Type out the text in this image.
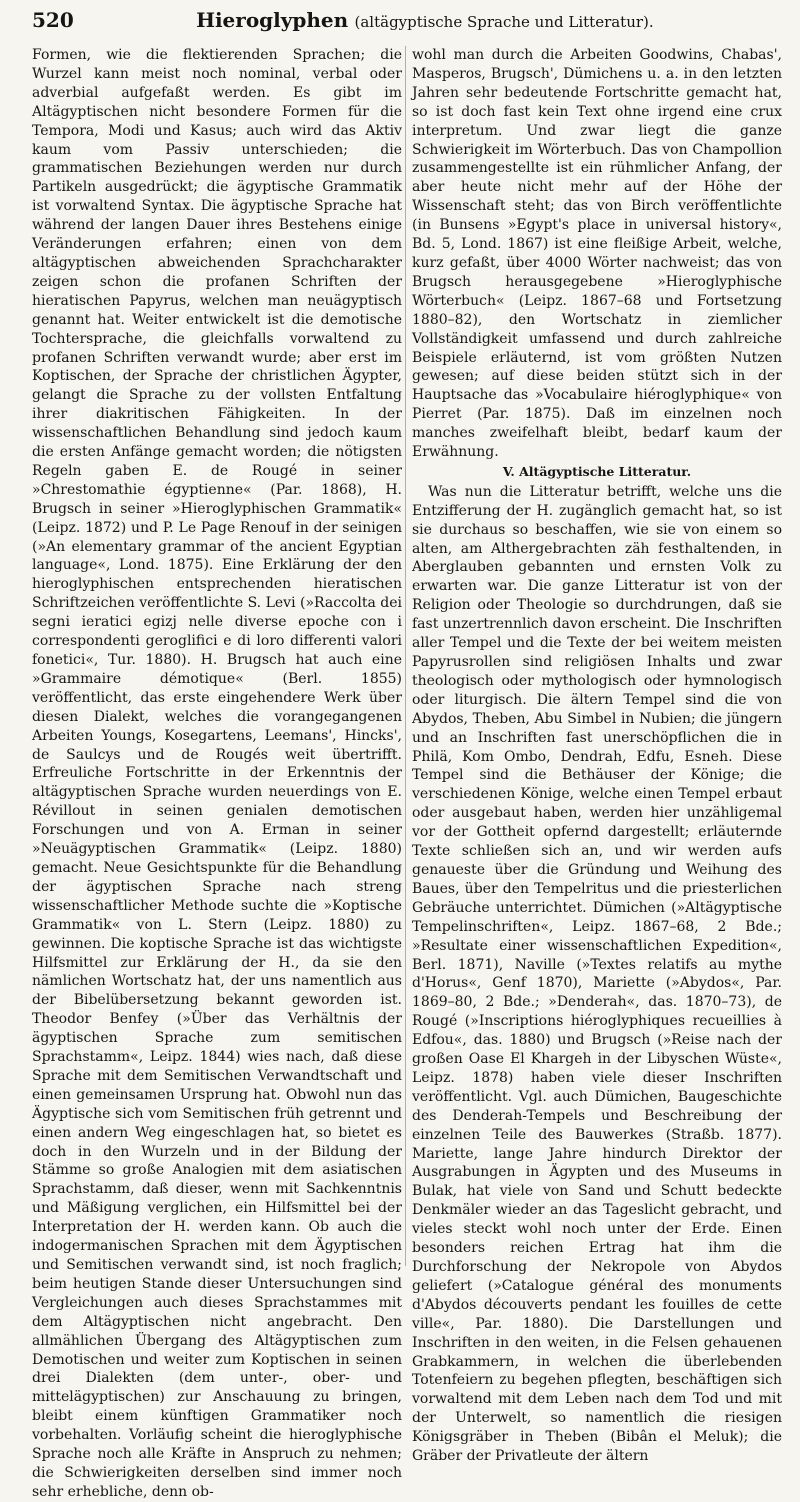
520	Hieroglyphen (altägyptische Sprache und Litteratur).

Formen, wie die flektierenden Sprachen; die Wurzel kann meist noch nominal, verbal oder adverbial aufgefaßt werden. Es gibt im Altägyptischen nicht besondere Formen für die Tempora, Modi und Kasus; auch wird das Aktiv kaum vom Passiv unterschieden; die grammatischen Beziehungen werden nur durch Partikeln ausgedrückt; die ägyptische Grammatik ist vorwaltend Syntax. Die ägyptische Sprache hat während der langen Dauer ihres Bestehens einige Veränderungen erfahren; einen von dem altägyptischen abweichenden Sprachcharakter zeigen schon die profanen Schriften der hieratischen Papyrus, welchen man neuägyptisch genannt hat. Weiter entwickelt ist die demotische Tochtersprache, die gleichfalls vorwaltend zu profanen Schriften verwandt wurde; aber erst im Koptischen, der Sprache der christlichen Ägypter, gelangt die Sprache zu der vollsten Entfaltung ihrer diakritischen Fähigkeiten. In der wissenschaftlichen Behandlung sind jedoch kaum die ersten Anfänge gemacht worden; die nötigsten Regeln gaben E. de Rougé in seiner »Chrestomathie égyptienne« (Par. 1868), H. Brugsch in seiner »Hieroglyphischen Grammatik« (Leipz. 1872) und P. Le Page Renouf in der seinigen (»An elementary grammar of the ancient Egyptian language«, Lond. 1875). Eine Erklärung der den hieroglyphischen entsprechenden hieratischen Schriftzeichen veröffentlichte S. Levi (»Raccolta dei segni ieratici egizj nelle diverse epoche con i correspondenti geroglifici e di loro differenti valori fonetici«, Tur. 1880). H. Brugsch hat auch eine »Grammaire démotique« (Berl. 1855) veröffentlicht, das erste eingehendere Werk über diesen Dialekt, welches die vorangegangenen Arbeiten Youngs, Kosegartens, Leemans', Hincks', de Saulcys und de Rougés weit übertrifft. Erfreuliche Fortschritte in der Erkenntnis der altägyptischen Sprache wurden neuerdings von E. Révillout in seinen genialen demotischen Forschungen und von A. Erman in seiner »Neuägyptischen Grammatik« (Leipz. 1880) gemacht. Neue Gesichtspunkte für die Behandlung der ägyptischen Sprache nach streng wissenschaftlicher Methode suchte die »Koptische Grammatik« von L. Stern (Leipz. 1880) zu gewinnen. Die koptische Sprache ist das wichtigste Hilfsmittel zur Erklärung der H., da sie den nämlichen Wortschatz hat, der uns namentlich aus der Bibelübersetzung bekannt geworden ist. Theodor Benfey (»Über das Verhältnis der ägyptischen Sprache zum semitischen Sprachstamm«, Leipz. 1844) wies nach, daß diese Sprache mit dem Semitischen Verwandtschaft und einen gemeinsamen Ursprung hat. Obwohl nun das Ägyptische sich vom Semitischen früh getrennt und einen andern Weg eingeschlagen hat, so bietet es doch in den Wurzeln und in der Bildung der Stämme so große Analogien mit dem asiatischen Sprachstamm, daß dieser, wenn mit Sachkenntnis und Mäßigung verglichen, ein Hilfsmittel bei der Interpretation der H. werden kann. Ob auch die indogermanischen Sprachen mit dem Ägyptischen und Semitischen verwandt sind, ist noch fraglich; beim heutigen Stande dieser Untersuchungen sind Vergleichungen auch dieses Sprachstammes mit dem Altägyptischen nicht angebracht. Den allmählichen Übergang des Altägyptischen zum Demotischen und weiter zum Koptischen in seinen drei Dialekten (dem unter-, ober- und mittelägyptischen) zur Anschauung zu bringen, bleibt einem künftigen Grammatiker noch vorbehalten. Vorläufig scheint die hieroglyphische Sprache noch alle Kräfte in Anspruch zu nehmen; die Schwierigkeiten derselben sind immer noch sehr erhebliche, denn ob-

wohl man durch die Arbeiten Goodwins, Chabas', Masperos, Brugsch', Dümichens u. a. in den letzten Jahren sehr bedeutende Fortschritte gemacht hat, so ist doch fast kein Text ohne irgend eine crux interpretum. Und zwar liegt die ganze Schwierigkeit im Wörterbuch. Das von Champollion zusammengestellte ist ein rühmlicher Anfang, der aber heute nicht mehr auf der Höhe der Wissenschaft steht; das von Birch veröffentlichte (in Bunsens »Egypt's place in universal history«, Bd. 5, Lond. 1867) ist eine fleißige Arbeit, welche, kurz gefaßt, über 4000 Wörter nachweist; das von Brugsch herausgegebene »Hieroglyphische Wörterbuch« (Leipz. 1867–68 und Fortsetzung 1880–82), den Wortschatz in ziemlicher Vollständigkeit umfassend und durch zahlreiche Beispiele erläuternd, ist vom größten Nutzen gewesen; auf diese beiden stützt sich in der Hauptsache das »Vocabulaire hiéroglyphique« von Pierret (Par. 1875). Daß im einzelnen noch manches zweifelhaft bleibt, bedarf kaum der Erwähnung.

V. Altägyptische Litteratur.

Was nun die Litteratur betrifft, welche uns die Entzifferung der H. zugänglich gemacht hat, so ist sie durchaus so beschaffen, wie sie von einem so alten, am Althergebrachten zäh festhaltenden, in Aberglauben gebannten und ernsten Volk zu erwarten war. Die ganze Litteratur ist von der Religion oder Theologie so durchdrungen, daß sie fast unzertrennlich davon erscheint. Die Inschriften aller Tempel und die Texte der bei weitem meisten Papyrusrollen sind religiösen Inhalts und zwar theologisch oder mythologisch oder hymnologisch oder liturgisch. Die ältern Tempel sind die von Abydos, Theben, Abu Simbel in Nubien; die jüngern und an Inschriften fast unerschöpflichen die in Philä, Kom Ombo, Dendrah, Edfu, Esneh. Diese Tempel sind die Bethäuser der Könige; die verschiedenen Könige, welche einen Tempel erbaut oder ausgebaut haben, werden hier unzähligemal vor der Gottheit opfernd dargestellt; erläuternde Texte schließen sich an, und wir werden aufs genaueste über die Gründung und Weihung des Baues, über den Tempelritus und die priesterlichen Gebräuche unterrichtet. Dümichen (»Altägyptische Tempelinschriften«, Leipz. 1867–68, 2 Bde.; »Resultate einer wissenschaftlichen Expedition«, Berl. 1871), Naville (»Textes relatifs au mythe d'Horus«, Genf 1870), Mariette (»Abydos«, Par. 1869–80, 2 Bde.; »Denderah«, das. 1870–73), de Rougé (»Inscriptions hiéroglyphiques recueillies à Edfou«, das. 1880) und Brugsch (»Reise nach der großen Oase El Khargeh in der Libyschen Wüste«, Leipz. 1878) haben viele dieser Inschriften veröffentlicht. Vgl. auch Dümichen, Baugeschichte des Denderah-Tempels und Beschreibung der einzelnen Teile des Bauwerkes (Straßb. 1877). Mariette, lange Jahre hindurch Direktor der Ausgrabungen in Ägypten und des Museums in Bulak, hat viele von Sand und Schutt bedeckte Denkmäler wieder an das Tageslicht gebracht, und vieles steckt wohl noch unter der Erde. Einen besonders reichen Ertrag hat ihm die Durchforschung der Nekropole von Abydos geliefert (»Catalogue général des monuments d'Abydos découverts pendant les fouilles de cette ville«, Par. 1880). Die Darstellungen und Inschriften in den weiten, in die Felsen gehauenen Grabkammern, in welchen die überlebenden Totenfeiern zu begehen pflegten, beschäftigen sich vorwaltend mit dem Leben nach dem Tod und mit der Unterwelt, so namentlich die riesigen Königsgräber in Theben (Bibân el Meluk); die Gräber der Privatleute der ältern
